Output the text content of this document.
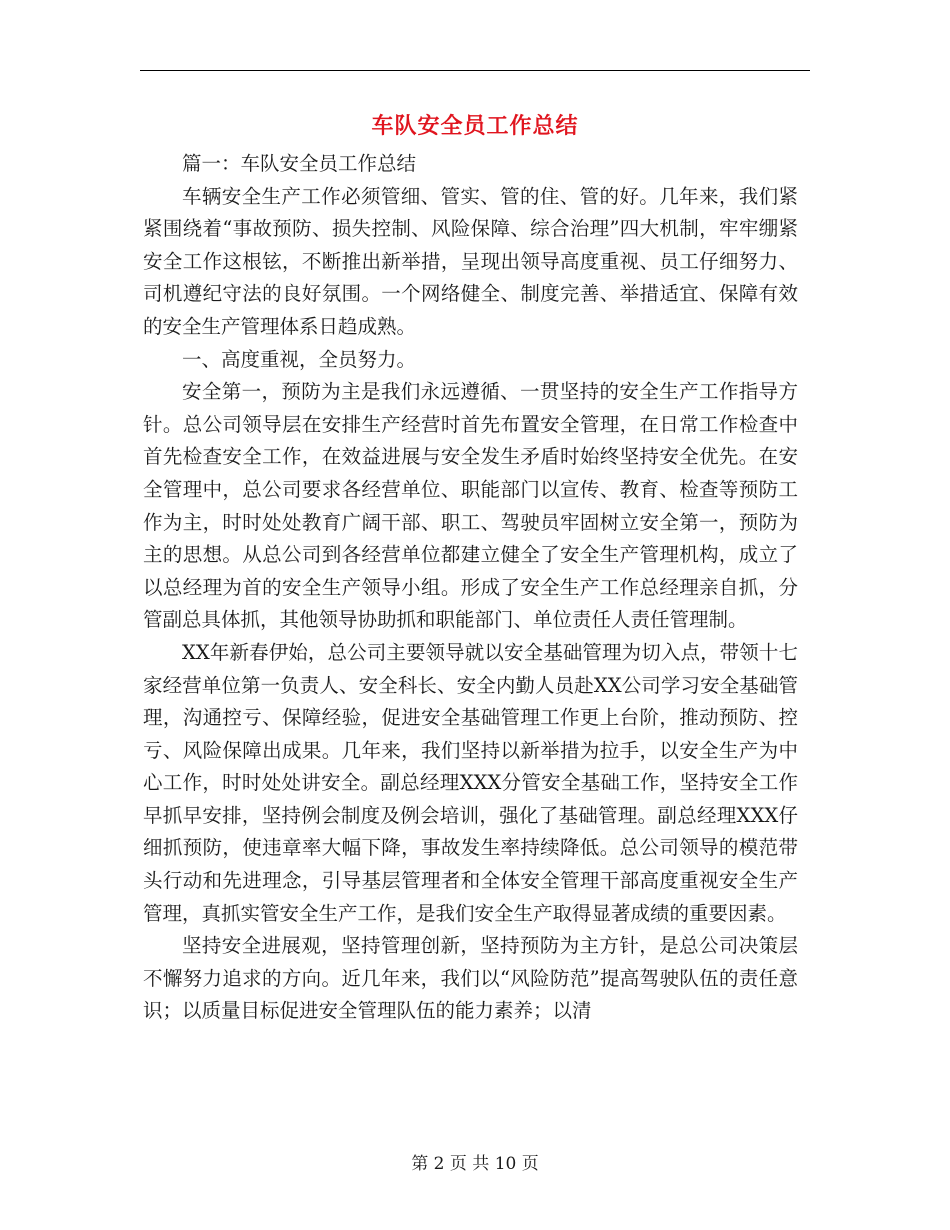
车队安全员工作总结

篇一：车队安全员工作总结

车辆安全生产工作必须管细、管实、管的住、管的好。几年来，我们紧紧围绕着“事故预防、损失控制、风险保障、综合治理”四大机制，牢牢绷紧安全工作这根铉，不断推出新举措，呈现出领导高度重视、员工仔细努力、司机遵纪守法的良好氛围。一个网络健全、制度完善、举措适宜、保障有效的安全生产管理体系日趋成熟。

一、高度重视，全员努力。

安全第一，预防为主是我们永远遵循、一贯坚持的安全生产工作指导方针。总公司领导层在安排生产经营时首先布置安全管理，在日常工作检查中首先检查安全工作，在效益进展与安全发生矛盾时始终坚持安全优先。在安全管理中，总公司要求各经营单位、职能部门以宣传、教育、检查等预防工作为主，时时处处教育广阔干部、职工、驾驶员牢固树立安全第一，预防为主的思想。从总公司到各经营单位都建立健全了安全生产管理机构，成立了以总经理为首的安全生产领导小组。形成了安全生产工作总经理亲自抓，分管副总具体抓，其他领导协助抓和职能部门、单位责任人责任管理制。

XX年新春伊始，总公司主要领导就以安全基础管理为切入点，带领十七家经营单位第一负责人、安全科长、安全内勤人员赴XX公司学习安全基础管理，沟通控亏、保障经验，促进安全基础管理工作更上台阶，推动预防、控亏、风险保障出成果。几年来，我们坚持以新举措为拉手，以安全生产为中心工作，时时处处讲安全。副总经理XXX分管安全基础工作，坚持安全工作早抓早安排，坚持例会制度及例会培训，强化了基础管理。副总经理XXX仔细抓预防，使违章率大幅下降，事故发生率持续降低。总公司领导的模范带头行动和先进理念，引导基层管理者和全体安全管理干部高度重视安全生产管理，真抓实管安全生产工作，是我们安全生产取得显著成绩的重要因素。

坚持安全进展观，坚持管理创新，坚持预防为主方针，是总公司决策层不懈努力追求的方向。近几年来，我们以“风险防范”提高驾驶队伍的责任意识；以质量目标促进安全管理队伍的能力素养；以清

第 2 页 共 10 页
